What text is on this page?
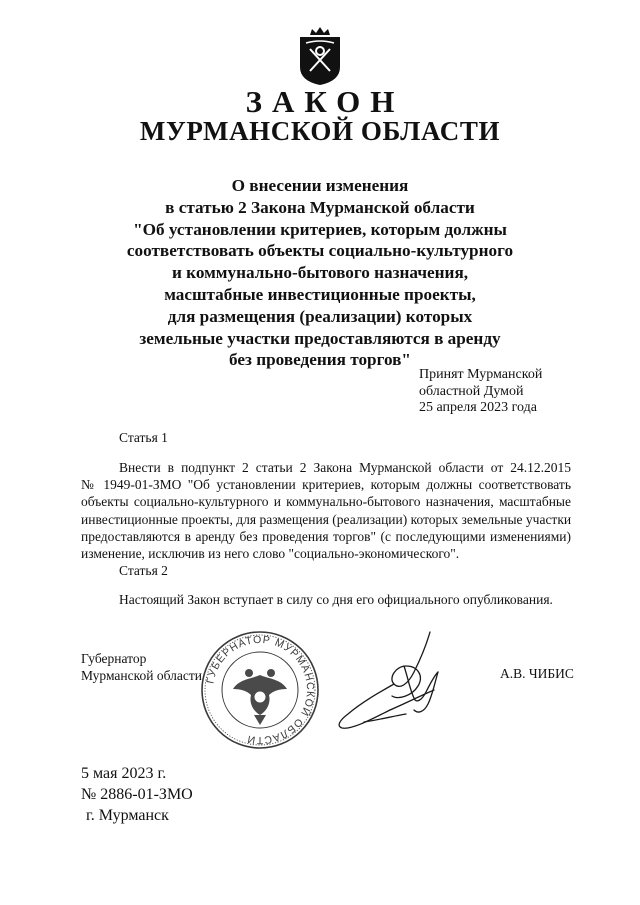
ЗАКОН
МУРМАНСКОЙ ОБЛАСТИ
О внесении изменения
в статью 2 Закона Мурманской области
"Об установлении критериев, которым должны
соответствовать объекты социально-культурного
и коммунально-бытового назначения,
масштабные инвестиционные проекты,
для размещения (реализации) которых
земельные участки предоставляются в аренду
без проведения торгов"
Принят Мурманской
областной Думой
25 апреля 2023 года
Статья 1
Внести в подпункт 2 статьи 2 Закона Мурманской области от 24.12.2015
№ 1949-01-ЗМО "Об установлении критериев, которым должны соответствовать
объекты социально-культурного и коммунально-бытового назначения, масштабные
инвестиционные проекты, для размещения (реализации) которых земельные участки
предоставляются в аренду без проведения торгов" (с последующими изменениями)
изменение, исключив из него слово "социально-экономического".
Статья 2
Настоящий Закон вступает в силу со дня его официального опубликования.
Губернатор
Мурманской области ГУБЕРНАТОР МУРМАНСКОЙ ОБЛАСТИ
А.В. ЧИБИС
5 мая 2023 г.
№ 2886-01-ЗМО
г. Мурманск
